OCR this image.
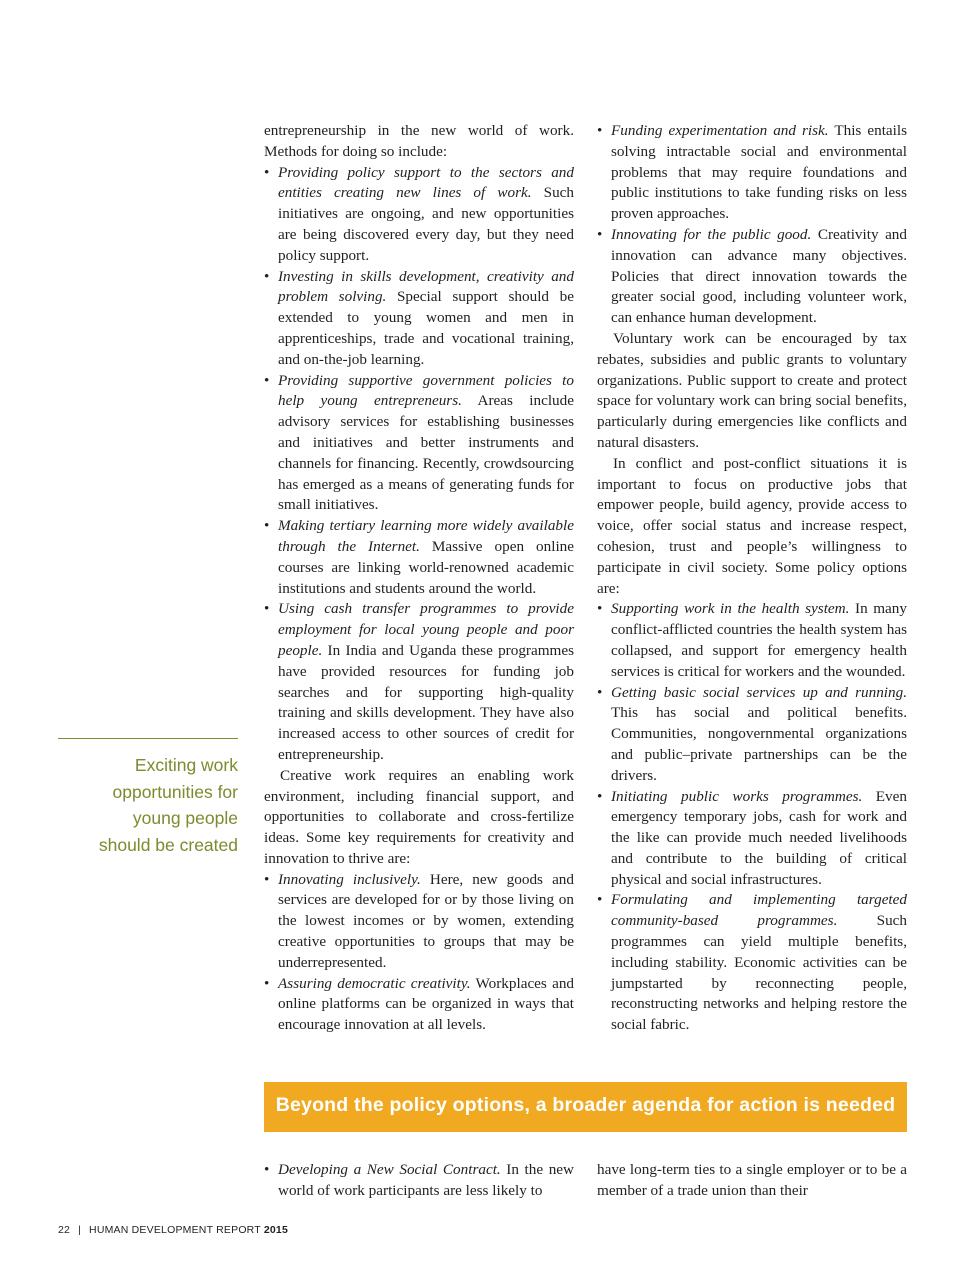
entrepreneurship in the new world of work. Methods for doing so include:

• Providing policy support to the sectors and entities creating new lines of work. Such initiatives are ongoing, and new opportunities are being discovered every day, but they need policy support.
• Investing in skills development, creativity and problem solving. Special support should be extended to young women and men in apprenticeships, trade and vocational training, and on-the-job learning.
• Providing supportive government policies to help young entrepreneurs. Areas include advisory services for establishing businesses and initiatives and better instruments and channels for financing. Recently, crowdsourcing has emerged as a means of generating funds for small initiatives.
• Making tertiary learning more widely available through the Internet. Massive open online courses are linking world-renowned academic institutions and students around the world.
• Using cash transfer programmes to provide employment for local young people and poor people. In India and Uganda these programmes have provided resources for funding job searches and for supporting high-quality training and skills development. They have also increased access to other sources of credit for entrepreneurship.

Creative work requires an enabling work environment, including financial support, and opportunities to collaborate and cross-fertilize ideas. Some key requirements for creativity and innovation to thrive are:

• Innovating inclusively. Here, new goods and services are developed for or by those living on the lowest incomes or by women, extending creative opportunities to groups that may be underrepresented.
• Assuring democratic creativity. Workplaces and online platforms can be organized in ways that encourage innovation at all levels.
• Funding experimentation and risk. This entails solving intractable social and environmental problems that may require foundations and public institutions to take funding risks on less proven approaches.
• Innovating for the public good. Creativity and innovation can advance many objectives. Policies that direct innovation towards the greater social good, including volunteer work, can enhance human development.

Voluntary work can be encouraged by tax rebates, subsidies and public grants to voluntary organizations. Public support to create and protect space for voluntary work can bring social benefits, particularly during emergencies like conflicts and natural disasters.

In conflict and post-conflict situations it is important to focus on productive jobs that empower people, build agency, provide access to voice, offer social status and increase respect, cohesion, trust and people’s willingness to participate in civil society. Some policy options are:

• Supporting work in the health system. In many conflict-afflicted countries the health system has collapsed, and support for emergency health services is critical for workers and the wounded.
• Getting basic social services up and running. This has social and political benefits. Communities, nongovernmental organizations and public–private partnerships can be the drivers.
• Initiating public works programmes. Even emergency temporary jobs, cash for work and the like can provide much needed livelihoods and contribute to the building of critical physical and social infrastructures.
• Formulating and implementing targeted community-based programmes. Such programmes can yield multiple benefits, including stability. Economic activities can be jumpstarted by reconnecting people, reconstructing networks and helping restore the social fabric.
Exciting work
opportunities for
young people
should be created
Beyond the policy options, a broader agenda for action is needed
• Developing a New Social Contract. In the new world of work participants are less likely to

have long-term ties to a single employer or to be a member of a trade union than their

22 | HUMAN DEVELOPMENT REPORT 2015
